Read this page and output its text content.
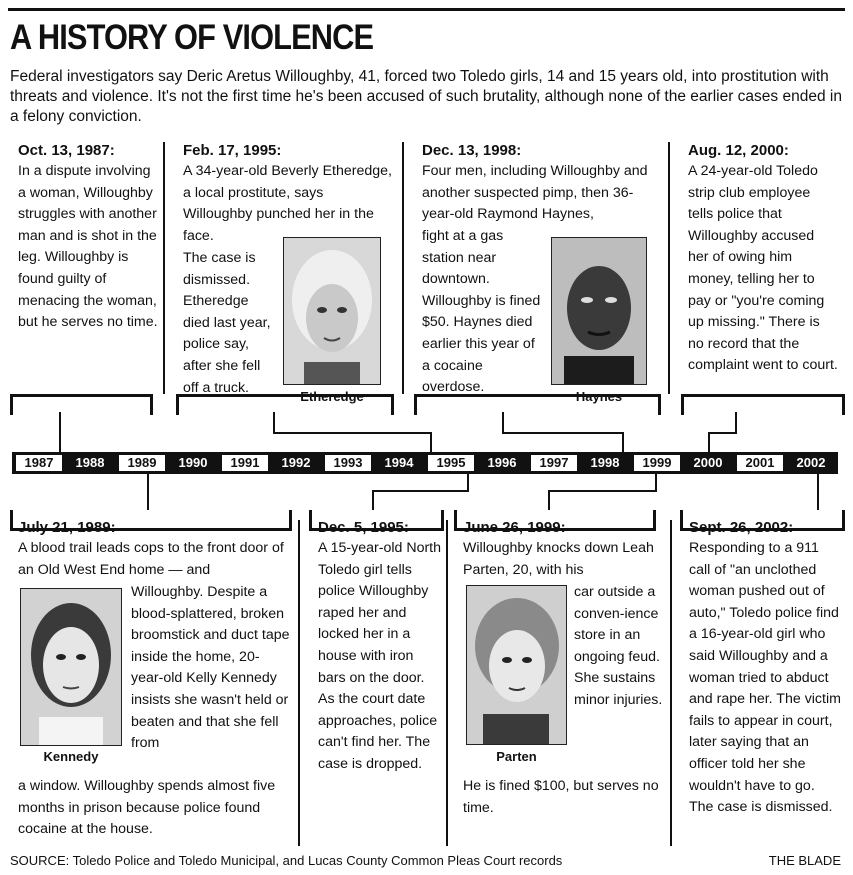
A HISTORY OF VIOLENCE
Federal investigators say Deric Aretus Willoughby, 41, forced two Toledo girls, 14 and 15 years old, into prostitution with threats and violence. It's not the first time he's been accused of such brutality, although none of the earlier cases ended in a felony conviction.
Oct. 13, 1987:
In a dispute involving a woman, Willoughby struggles with another man and is shot in the leg. Willoughby is found guilty of menacing the woman, but he serves no time.
Feb. 17, 1995:
A 34-year-old Beverly Etheredge, a local prostitute, says Willoughby punched her in the face.
The case is dismissed. Etheredge died last year, police say, after she fell off a truck.
Etheredge
Dec. 13, 1998:
Four men, including Willoughby and another suspected pimp, then 36-year-old Raymond Haynes,
fight at a gas station near downtown. Willoughby is fined $50. Haynes died earlier this year of a cocaine overdose.
Haynes
Aug. 12, 2000:
A 24-year-old Toledo strip club employee tells police that Willoughby accused her of owing him money, telling her to pay or "you're coming up missing." There is no record that the complaint went to court.
1987	1988	1989	1990	1991	1992	1993	1994	1995	1996	1997	1998	1999	2000	2001	2002
July 21, 1989:
A blood trail leads cops to the front door of an Old West End home — and
Kennedy
Willoughby. Despite a blood-splattered, broken broomstick and duct tape inside the home, 20-year-old Kelly Kennedy insists she wasn't held or beaten and that she fell from
a window. Willoughby spends almost five months in prison because police found cocaine at the house.
Dec. 5, 1995:
A 15-year-old North Toledo girl tells police Willoughby raped her and locked her in a house with iron bars on the door. As the court date approaches, police can't find her. The case is dropped.
June 26, 1999:
Willoughby knocks down Leah Parten, 20, with his
Parten
car outside a conven-ience store in an ongoing feud. She sustains minor injuries.
He is fined $100, but serves no time.
Sept. 26, 2002:
Responding to a 911 call of "an unclothed woman pushed out of auto," Toledo police find a 16-year-old girl who said Willoughby and a woman tried to abduct and rape her. The victim fails to appear in court, later saying that an officer told her she wouldn't have to go. The case is dismissed.
SOURCE: Toledo Police and Toledo Municipal, and Lucas County Common Pleas Court records	THE BLADE
